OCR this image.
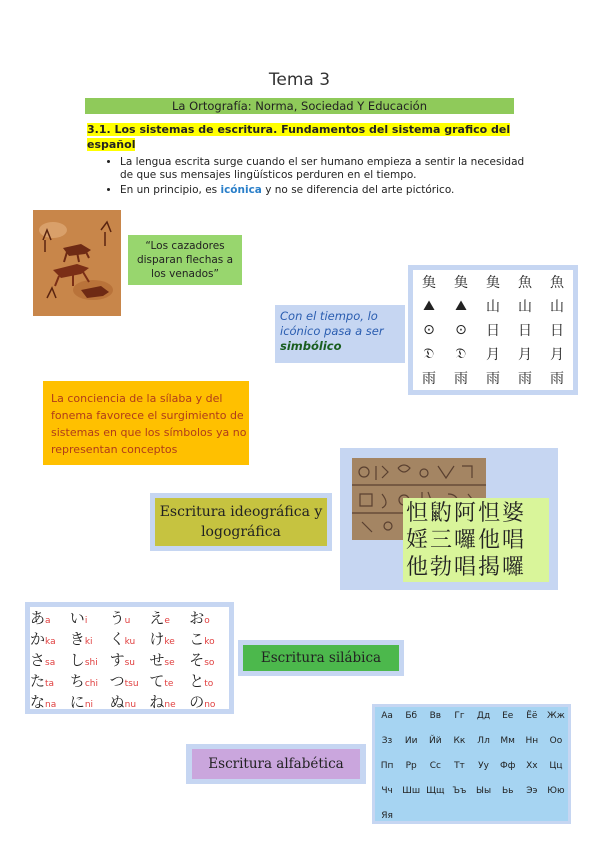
Tema 3
La Ortografía: Norma, Sociedad Y Educación
3.1. Los sistemas de escritura. Fundamentos del sistema grafico del español
• La lengua escrita surge cuando el ser humano empieza a sentir la necesidad de que sus mensajes lingüísticos perduren en el tiempo.
• En un principio, es icónica y no se diferencia del arte pictórico.
“Los cazadores disparan flechas a los venados”
Con el tiempo, lo icónico pasa a ser simbólico
𩵋	𩵋	𩵋	魚	魚
⛰	⛰	山	山	山
⊙	⊙	日	日	日
𝔇	𝔇	月	月	月
雨	雨	雨	雨	雨
La conciencia de la sílaba y del fonema favorece el surgimiento de sistemas en que los símbolos ya no representan conceptos
Escritura ideográfica y logográfica
怛䶂阿怛婆
婬三囉他唱
他勃唱揭囉
あa	いi	うu	えe	おo
かka きki	くku けke こko
さsa しshi すsu せse そso
たta	ちchi つtsu てte	とto
なna にni	ぬnu ねne のno
Escritura silábica
Escritura alfabética
Аа	Бб	Вв	Гг	Дд	Ее	Ёё	Жж
Зз	Ии	Йй	Кк	Лл	Мм	Нн	Оо
Пп	Рр	Сс	Тт	Уу	Фф	Хх	Цц
Чч	Шш Щщ Ъъ	Ыы	Ьь	Ээ	Юю
Яя
